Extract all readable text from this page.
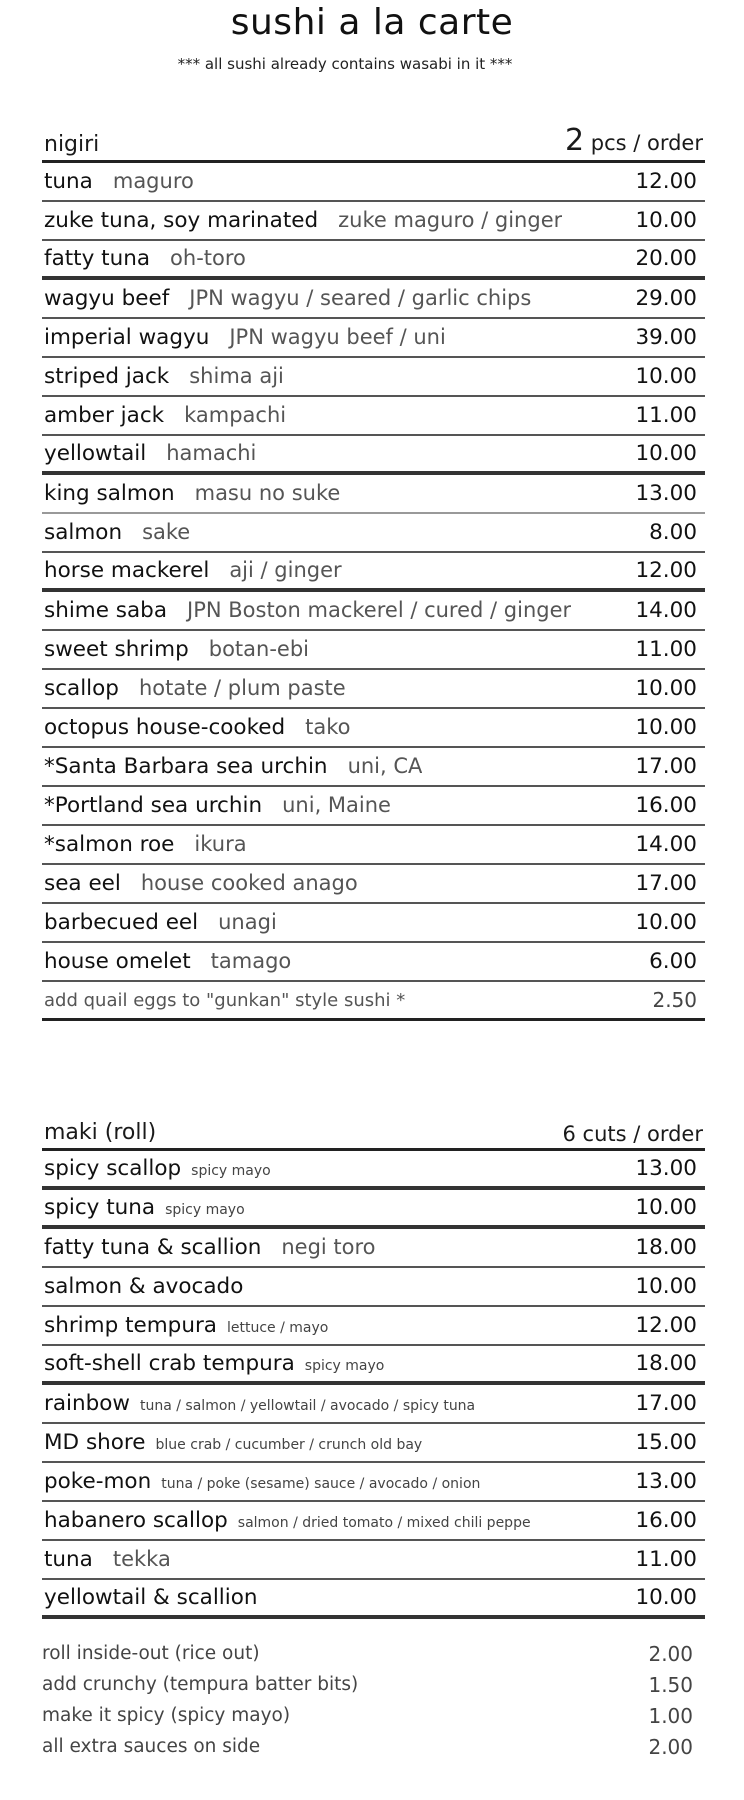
sushi a la carte
*** all sushi already contains wasabi in it ***
nigiri	2 pcs / order
tuna maguro	12.00
zuke tuna, soy marinated zuke maguro / ginger	10.00
fatty tuna oh-toro	20.00
wagyu beef JPN wagyu / seared / garlic chips	29.00
imperial wagyu JPN wagyu beef / uni	39.00
striped jack shima aji	10.00
amber jack kampachi	11.00
yellowtail hamachi	10.00
king salmon masu no suke	13.00
salmon sake	8.00
horse mackerel aji / ginger	12.00
shime saba JPN Boston mackerel / cured / ginger	14.00
sweet shrimp botan-ebi	11.00
scallop hotate / plum paste	10.00
octopus house-cooked tako	10.00
*Santa Barbara sea urchin uni, CA	17.00
*Portland sea urchin uni, Maine	16.00
*salmon roe ikura	14.00
sea eel house cooked anago	17.00
barbecued eel unagi	10.00
house omelet tamago	6.00
add quail eggs to "gunkan" style sushi *	2.50
maki (roll)	6 cuts / order
spicy scallop spicy mayo	13.00
spicy tuna spicy mayo	10.00
fatty tuna & scallion negi toro	18.00
salmon & avocado	10.00
shrimp tempura lettuce / mayo	12.00
soft-shell crab tempura spicy mayo	18.00
rainbow tuna / salmon / yellowtail / avocado / spicy tuna	17.00
MD shore blue crab / cucumber / crunch old bay	15.00
poke-mon tuna / poke (sesame) sauce / avocado / onion	13.00
habanero scallop salmon / dried tomato / mixed chili peppe	16.00
tuna tekka	11.00
yellowtail & scallion	10.00
roll inside-out (rice out)	2.00
add crunchy (tempura batter bits)	1.50
make it spicy (spicy mayo)	1.00
all extra sauces on side	2.00
